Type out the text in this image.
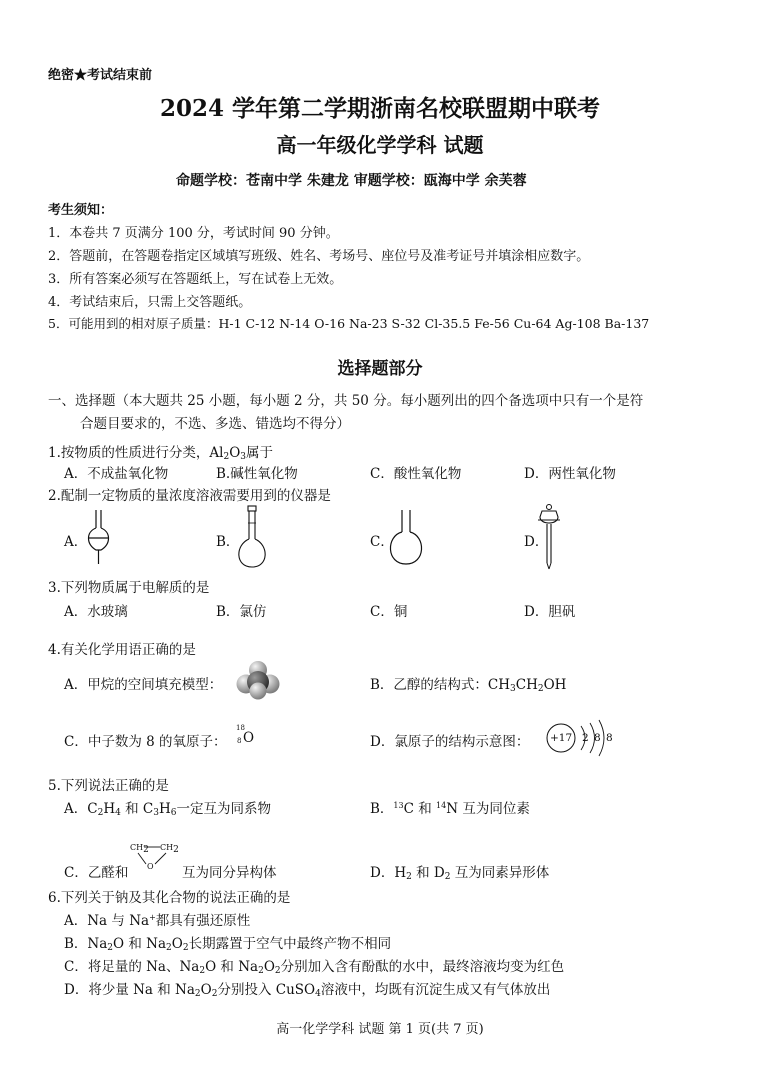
绝密★考试结束前
2024 学年第二学期浙南名校联盟期中联考
高一年级化学学科 试题
命题学校：苍南中学 朱建龙 审题学校：瓯海中学 余芙蓉
考生须知：
1．本卷共 7 页满分 100 分，考试时间 90 分钟。
2．答题前，在答题卷指定区域填写班级、姓名、考场号、座位号及准考证号并填涂相应数字。
3．所有答案必须写在答题纸上，写在试卷上无效。
4．考试结束后，只需上交答题纸。
5．可能用到的相对原子质量：H-1 C-12 N-14 O-16 Na-23 S-32 Cl-35.5 Fe-56 Cu-64 Ag-108 Ba-137
选择题部分
一、选择题（本大题共 25 小题，每小题 2 分，共 50 分。每小题列出的四个备选项中只有一个是符
合题目要求的，不选、多选、错选均不得分）
1.按物质的性质进行分类，$Al_2O_3$属于
A．不成盐氧化物	B.碱性氧化物	C．酸性氧化物	D．两性氧化物
2.配制一定物质的量浓度溶液需要用到的仪器是
A．	B．	C．	D．
3.下列物质属于电解质的是
A．水玻璃	B．氯仿	C．铜	D．胆矾
4.有关化学用语正确的是
A．甲烷的空间填充模型：	B．乙醇的结构式：$CH_3CH_2OH$
C．中子数为 8 的氧原子：
18
8 O	D．氯原子的结构示意图： +17 2 8 8
5.下列说法正确的是
A．$C_2H_4$ 和 $C_3H_6$一定互为同系物	B．$^{13}$C 和 $^{14}$N 互为同位素
$CH_2$ $CH_2$
O
C．乙醛和	互为同分异构体	D．$H_2$ 和 $D_2$ 互为同素异形体
6.下列关于钠及其化合物的说法正确的是
A．Na 与 Na+都具有强还原性
B．$Na_2O$ 和 $Na_2O_2$长期露置于空气中最终产物不相同
C．将足量的 Na、$Na_2O$ 和 $Na_2O_2$分别加入含有酚酞的水中，最终溶液均变为红色
D．将少量 Na 和 $Na_2O_2$分别投入 CuSO$_4$溶液中，均既有沉淀生成又有气体放出
高一化学学科 试题 第 1 页(共 7 页)
